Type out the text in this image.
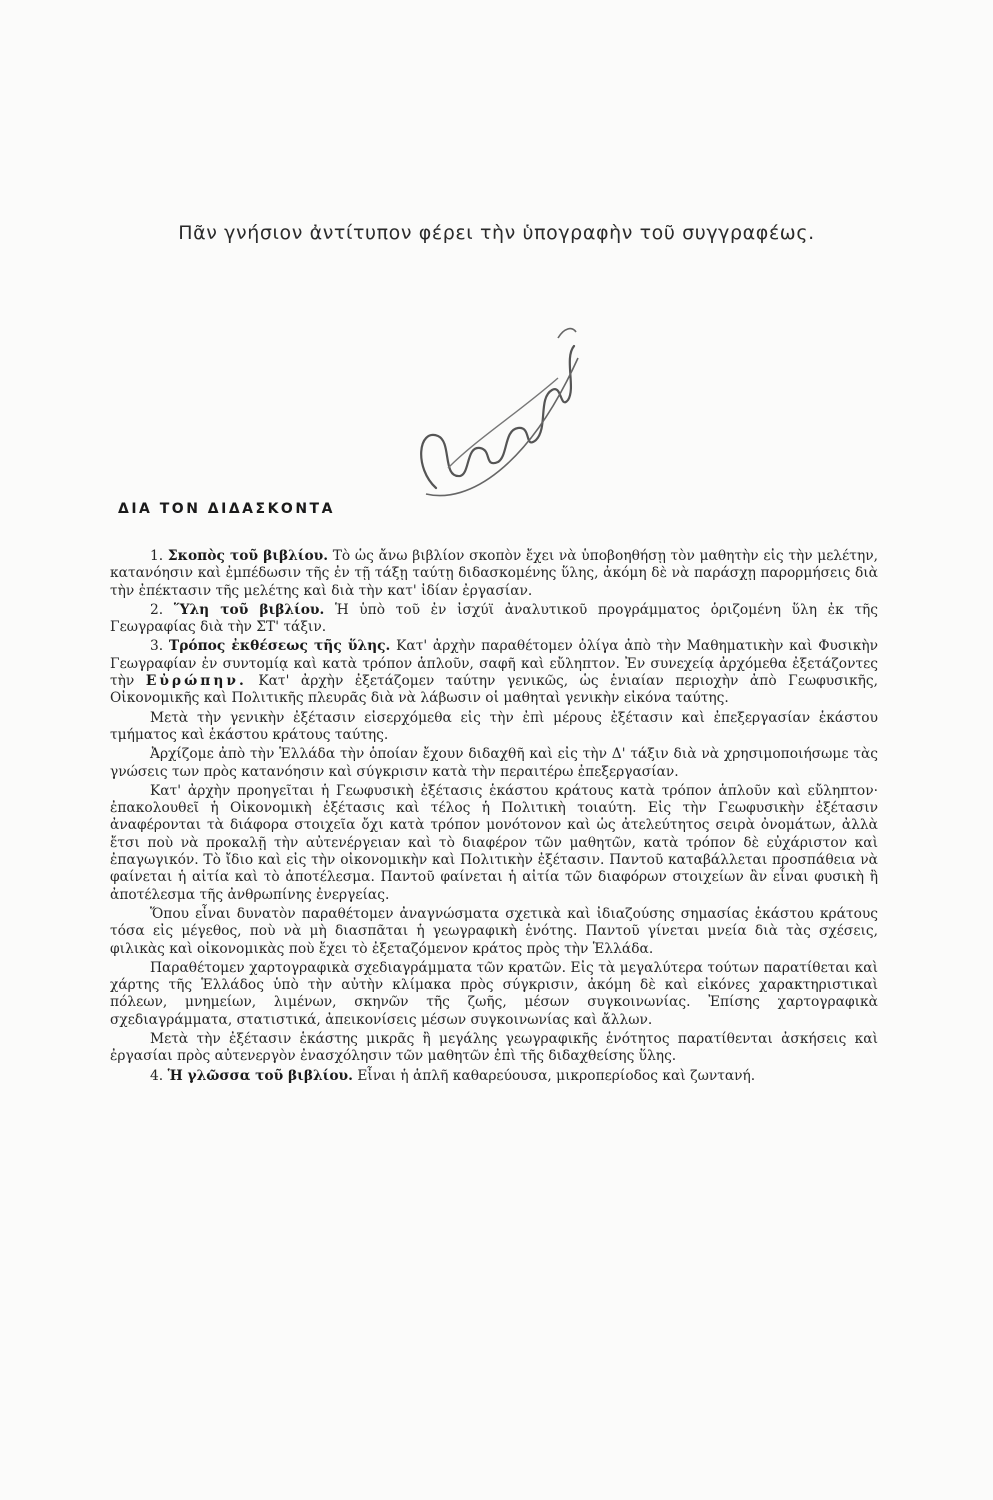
Πᾶν γνήσιον ἀντίτυπον φέρει τὴν ὑπογραφὴν τοῦ συγγραφέως.
ΔΙΑ ΤΟΝ ΔΙΔΑΣΚΟΝΤΑ

1. Σκοπὸς τοῦ βιβλίου. Τὸ ὡς ἄνω βιβλίον σκοπὸν ἔχει νὰ ὑποβοηθήσῃ τὸν μαθητὴν εἰς τὴν μελέτην, κατανόησιν καὶ ἐμπέδωσιν τῆς ἐν τῇ τάξῃ ταύτῃ διδασκομένης ὕλης, ἀκόμη δὲ νὰ παράσχῃ παρορμήσεις διὰ τὴν ἐπέκτασιν τῆς μελέτης καὶ διὰ τὴν κατ' ἰδίαν ἐργασίαν.

2. Ὕλη τοῦ βιβλίου. Ἡ ὑπὸ τοῦ ἐν ἰσχύϊ ἀναλυτικοῦ προγράμματος ὁριζομένη ὕλη ἐκ τῆς Γεωγραφίας διὰ τὴν ΣΤ' τάξιν.

3. Τρόπος ἐκθέσεως τῆς ὕλης. Κατ' ἀρχὴν παραθέτομεν ὀλίγα ἀπὸ τὴν Μαθηματικὴν καὶ Φυσικὴν Γεωγραφίαν ἐν συντομίᾳ καὶ κατὰ τρόπον ἁπλοῦν, σαφῆ καὶ εὔληπτον. Ἐν συνεχείᾳ ἀρχόμεθα ἐξετάζοντες τὴν Εὐρώπην. Κατ' ἀρχὴν ἐξετάζομεν ταύτην γενικῶς, ὡς ἑνιαίαν περιοχὴν ἀπὸ Γεωφυσικῆς, Οἰκονομικῆς καὶ Πολιτικῆς πλευρᾶς διὰ νὰ λάβωσιν οἱ μαθηταὶ γενικὴν εἰκόνα ταύτης.

Μετὰ τὴν γενικὴν ἐξέτασιν εἰσερχόμεθα εἰς τὴν ἐπὶ μέρους ἐξέτασιν καὶ ἐπεξεργασίαν ἑκάστου τμήματος καὶ ἑκάστου κράτους ταύτης.

Ἀρχίζομε ἀπὸ τὴν Ἑλλάδα τὴν ὁποίαν ἔχουν διδαχθῆ καὶ εἰς τὴν Δ' τάξιν διὰ νὰ χρησιμοποιήσωμε τὰς γνώσεις των πρὸς κατανόησιν καὶ σύγκρισιν κατὰ τὴν περαιτέρω ἐπεξεργασίαν.

Κατ' ἀρχὴν προηγεῖται ἡ Γεωφυσικὴ ἐξέτασις ἑκάστου κράτους κατὰ τρόπον ἁπλοῦν καὶ εὔληπτον· ἐπακολουθεῖ ἡ Οἰκονομικὴ ἐξέτασις καὶ τέλος ἡ Πολιτικὴ τοιαύτη. Εἰς τὴν Γεωφυσικὴν ἐξέτασιν ἀναφέρονται τὰ διάφορα στοιχεῖα ὄχι κατὰ τρόπον μονότονον καὶ ὡς ἀτελεύτητος σειρὰ ὀνομάτων, ἀλλὰ ἔτσι ποὺ νὰ προκαλῇ τὴν αὐτενέργειαν καὶ τὸ διαφέρον τῶν μαθητῶν, κατὰ τρόπον δὲ εὐχάριστον καὶ ἐπαγωγικόν. Τὸ ἴδιο καὶ εἰς τὴν οἰκονομικὴν καὶ Πολιτικὴν ἐξέτασιν. Παντοῦ καταβάλλεται προσπάθεια νὰ φαίνεται ἡ αἰτία καὶ τὸ ἀποτέλεσμα. Παντοῦ φαίνεται ἡ αἰτία τῶν διαφόρων στοιχείων ἂν εἶναι φυσικὴ ἢ ἀποτέλεσμα τῆς ἀνθρωπίνης ἐνεργείας.

Ὅπου εἶναι δυνατὸν παραθέτομεν ἀναγνώσματα σχετικὰ καὶ ἰδιαζούσης σημασίας ἑκάστου κράτους τόσα εἰς μέγεθος, ποὺ νὰ μὴ διασπᾶται ἡ γεωγραφικὴ ἑνότης. Παντοῦ γίνεται μνεία διὰ τὰς σχέσεις, φιλικὰς καὶ οἰκονομικὰς ποὺ ἔχει τὸ ἐξεταζόμενον κράτος πρὸς τὴν Ἑλλάδα.

Παραθέτομεν χαρτογραφικὰ σχεδιαγράμματα τῶν κρατῶν. Εἰς τὰ μεγαλύτερα τούτων παρατίθεται καὶ χάρτης τῆς Ἑλλάδος ὑπὸ τὴν αὐτὴν κλίμακα πρὸς σύγκρισιν, ἀκόμη δὲ καὶ εἰκόνες χαρακτηριστικαὶ πόλεων, μνημείων, λιμένων, σκηνῶν τῆς ζωῆς, μέσων συγκοινωνίας. Ἐπίσης χαρτογραφικὰ σχεδιαγράμματα, στατιστικά, ἀπεικονίσεις μέσων συγκοινωνίας καὶ ἄλλων.

Μετὰ τὴν ἐξέτασιν ἑκάστης μικρᾶς ἢ μεγάλης γεωγραφικῆς ἑνότητος παρατίθενται ἀσκήσεις καὶ ἐργασίαι πρὸς αὐτενεργὸν ἐνασχόλησιν τῶν μαθητῶν ἐπὶ τῆς διδαχθείσης ὕλης.

4. Ἡ γλῶσσα τοῦ βιβλίου. Εἶναι ἡ ἁπλῆ καθαρεύουσα, μικροπερίοδος καὶ ζωντανή.
